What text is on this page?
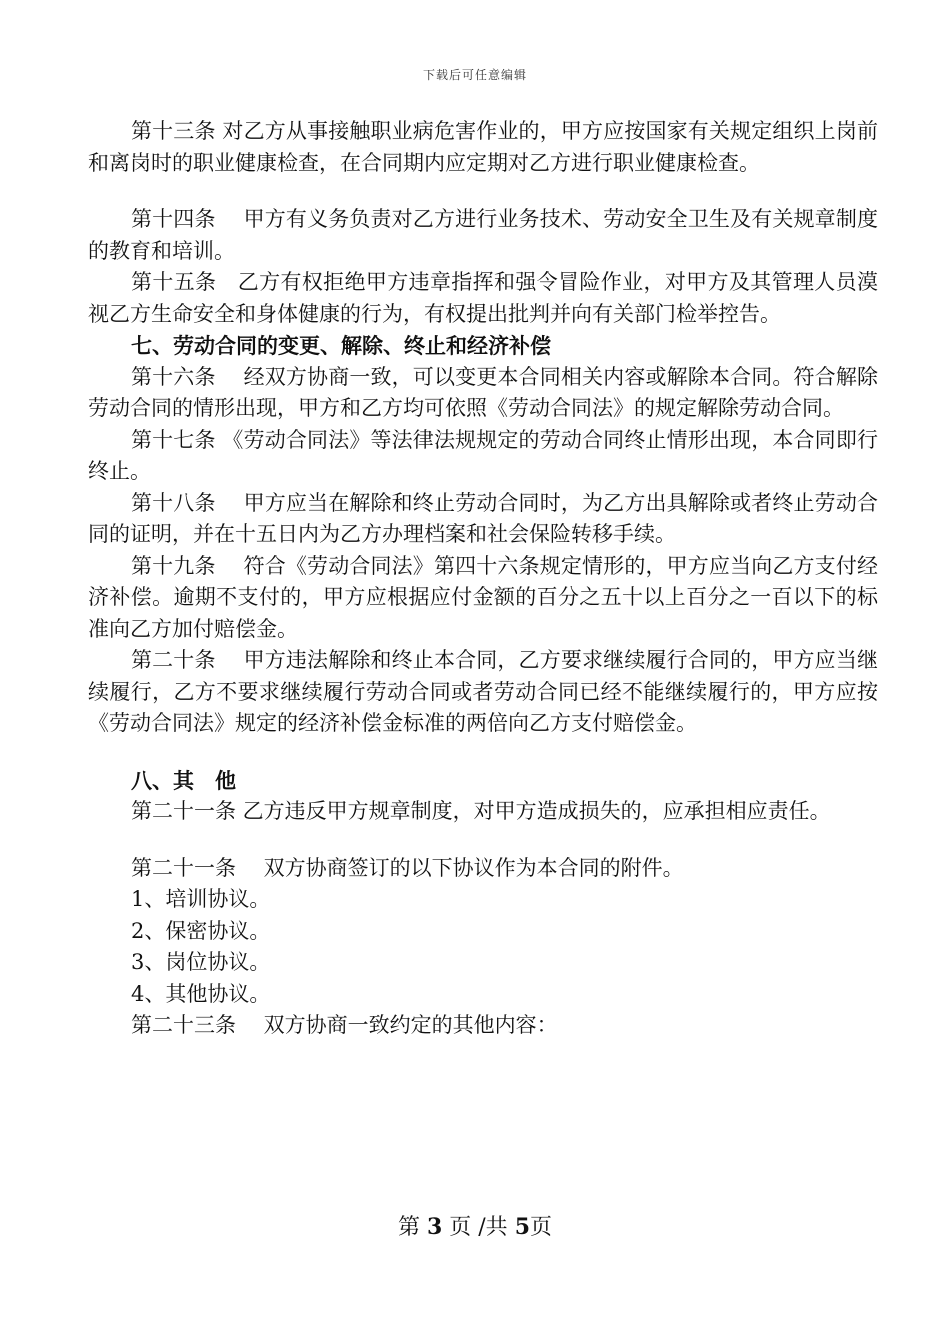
下载后可任意编辑

第十三条 对乙方从事接触职业病危害作业的，甲方应按国家有关规定组织上岗前和离岗时的职业健康检查，在合同期内应定期对乙方进行职业健康检查。

第十四条　 甲方有义务负责对乙方进行业务技术、劳动安全卫生及有关规章制度的教育和培训。

第十五条　乙方有权拒绝甲方违章指挥和强令冒险作业，对甲方及其管理人员漠视乙方生命安全和身体健康的行为，有权提出批判并向有关部门检举控告。

七、劳动合同的变更、解除、终止和经济补偿

第十六条　 经双方协商一致，可以变更本合同相关内容或解除本合同。符合解除劳动合同的情形出现，甲方和乙方均可依照《劳动合同法》的规定解除劳动合同。

第十七条 《劳动合同法》等法律法规规定的劳动合同终止情形出现，本合同即行终止。

第十八条　 甲方应当在解除和终止劳动合同时，为乙方出具解除或者终止劳动合同的证明，并在十五日内为乙方办理档案和社会保险转移手续。

第十九条　 符合《劳动合同法》第四十六条规定情形的，甲方应当向乙方支付经济补偿。逾期不支付的，甲方应根据应付金额的百分之五十以上百分之一百以下的标准向乙方加付赔偿金。

第二十条　 甲方违法解除和终止本合同，乙方要求继续履行合同的，甲方应当继续履行，乙方不要求继续履行劳动合同或者劳动合同已经不能继续履行的，甲方应按《劳动合同法》规定的经济补偿金标准的两倍向乙方支付赔偿金。

八、其　他

第二十一条 乙方违反甲方规章制度，对甲方造成损失的，应承担相应责任。

第二十一条　 双方协商签订的以下协议作为本合同的附件。

1、培训协议。

2、保密协议。

3、岗位协议。

4、其他协议。

第二十三条　 双方协商一致约定的其他内容：

第 3 页 /共 5页
